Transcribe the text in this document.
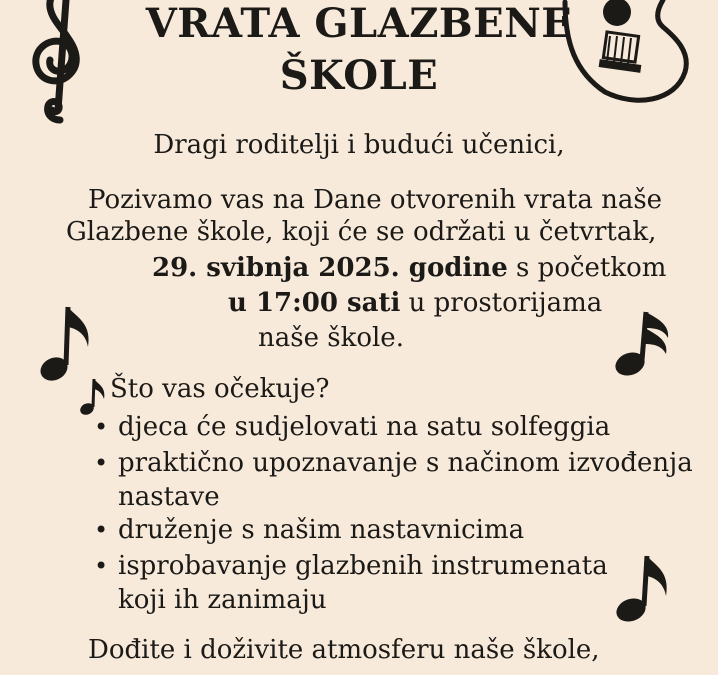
VRATA GLAZBENE
ŠKOLE
Dragi roditelji i budući učenici,
Pozivamo vas na Dane otvorenih vrata naše
Glazbene škole, koji će se održati u četvrtak,
29. svibnja 2025. godine s početkom
u 17:00 sati u prostorijama
naše škole.
Što vas očekuje?
• djeca će sudjelovati na satu solfeggia
• praktično upoznavanje s načinom izvođenja
nastave
• druženje s našim nastavnicima
• isprobavanje glazbenih instrumenata
koji ih zanimaju
Dođite i doživite atmosferu naše škole,
